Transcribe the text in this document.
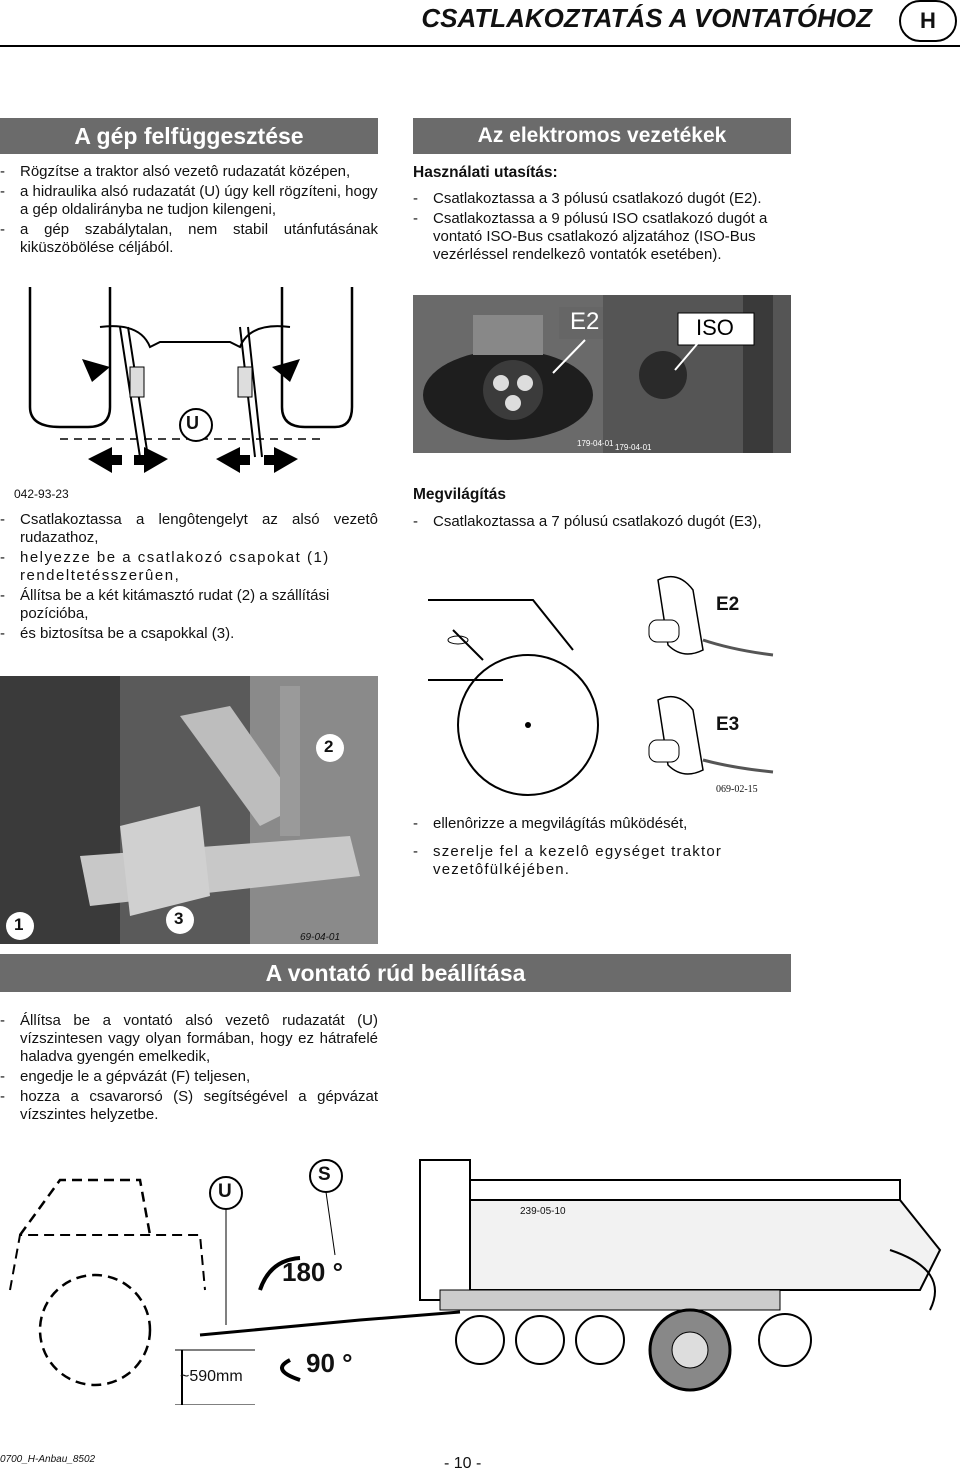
CSATLAKOZTATÁS A VONTATÓHOZ	H
A gép felfüggesztése
- Rögzítse a traktor alsó vezetô rudazatát középen,
- a hidraulika alsó rudazatát (U) úgy kell rögzíteni, hogy a gép oldalirányba ne tudjon kilengeni,
- a gép szabálytalan, nem stabil utánfutásának kiküszöbölése céljából.
U
042-93-23
- Csatlakoztassa a lengôtengelyt az alsó vezetô rudazathoz,
- helyezze be a csatlakozó csapokat (1) rendeltetésszerûen,
- Állítsa be a két kitámasztó rudat (2) a szállítási pozícióba,
- és biztosítsa be a csapokkal (3).
2
1	3
69-04-01
Az elektromos vezetékek csatlakoztatása
Használati utasítás:
- Csatlakoztassa a 3 pólusú csatlakozó dugót (E2).
- Csatlakoztassa a 9 pólusú ISO csatlakozó dugót a vontató ISO-Bus csatlakozó aljzatához (ISO-Bus vezérléssel rendelkezô vontatók esetében).
E2	ISO
179-04-01 179-04-01
Megvilágítás
- Csatlakoztassa a 7 pólusú csatlakozó dugót (E3),
E2
E3
069-02-15
- ellenôrizze a megvilágítás mûködését,
- szerelje fel a kezelô egységet traktor vezetôfülkéjében.
A vontató rúd beállítása
- Állítsa be a vontató alsó vezetô rudazatát (U) vízszintesen vagy olyan formában, hogy ez hátrafelé haladva gyengén emelkedik,
- engedje le a gépvázát (F) teljesen,
- hozza a csavarorsó (S) segítségével a gépvázat vízszintes helyzetbe.
U
S
180 °
90 °
~590mm
239-05-10
0700_H-Anbau_8502	- 10 -
